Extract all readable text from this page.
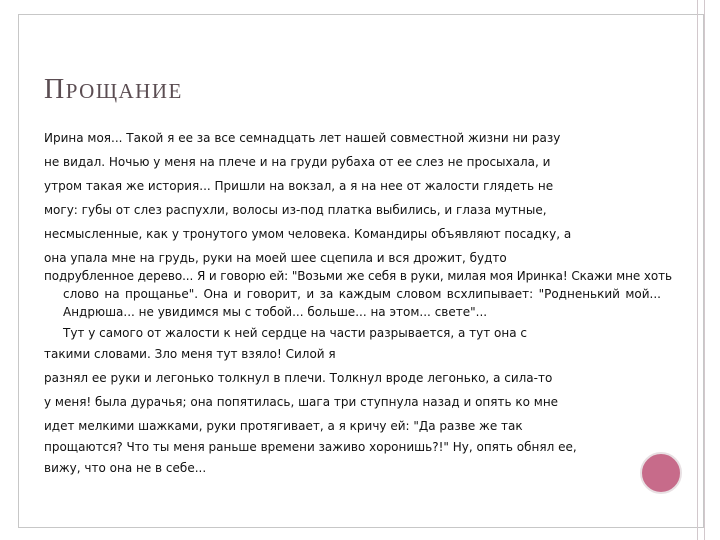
ПРОЩАНИЕ

Ирина моя... Такой я ее за все семнадцать лет нашей совместной жизни ни разу

не видал. Ночью у меня на плече и на груди рубаха от ее слез не просыхала, и

утром такая же история... Пришли на вокзал, а я на нее от жалости глядеть не

могу: губы от слез распухли, волосы из-под платка выбились, и глаза мутные,

несмысленные, как у тронутого умом человека. Командиры объявляют посадку, а

она упала мне на грудь, руки на моей шее сцепила и вся дрожит, будто

подрубленное дерево... Я и говорю ей: "Возьми же себя в руки, милая моя Иринка! Скажи мне хоть

слово на прощанье". Она и говорит, и за каждым словом всхлипывает: "Родненький мой...

Андрюша... не увидимся мы с тобой... больше... на этом... свете"...

Тут у самого от жалости к ней сердце на части разрывается, а тут она с

такими словами. Зло меня тут взяло! Силой я

разнял ее руки и легонько толкнул в плечи. Толкнул вроде легонько, а сила-то

у меня! была дурачья; она попятилась, шага три ступнула назад и опять ко мне

идет мелкими шажками, руки протягивает, а я кричу ей: "Да разве же так

прощаются? Что ты меня раньше времени заживо хоронишь?!" Ну, опять обнял ее,

вижу, что она не в себе...
